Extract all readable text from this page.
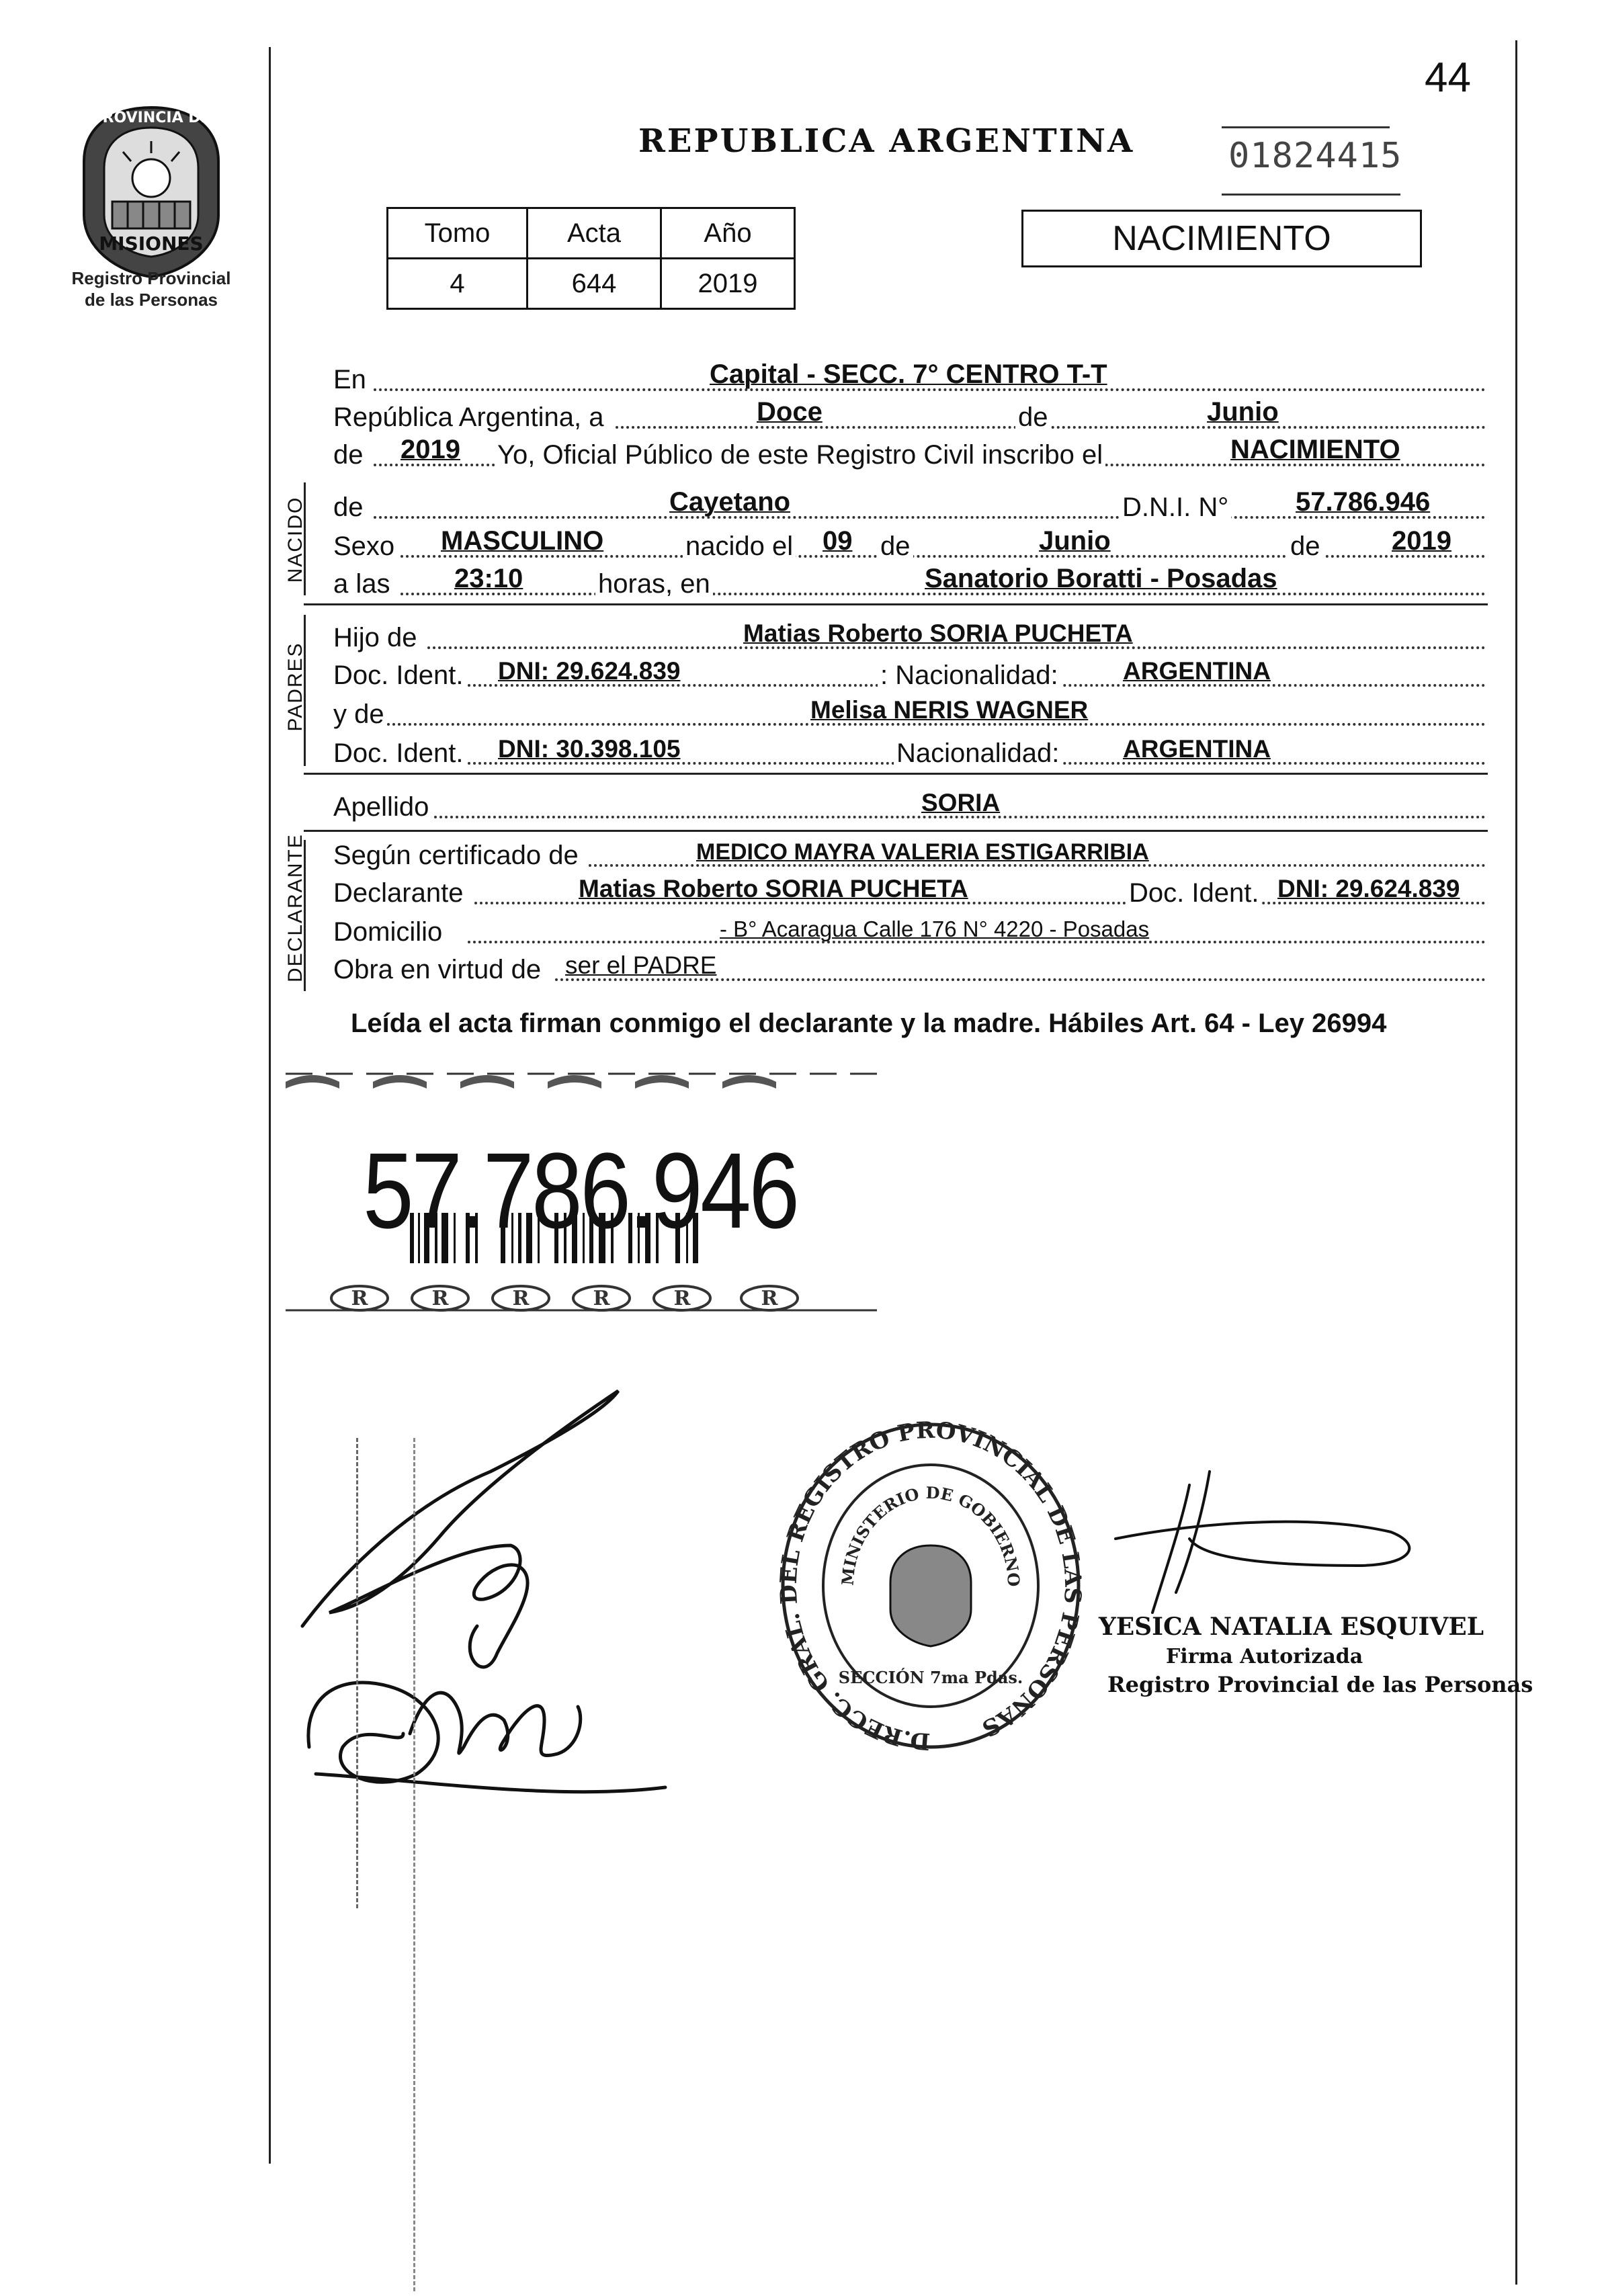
PROVINCIA DE
MISIONES
Registro Provincial
de las Personas
44
REPUBLICA ARGENTINA	01824415
Tomo	Acta	Año
4	644	2019
NACIMIENTO
En	Capital - SECC. 7° CENTRO T-T
República Argentina, a	Doce	de	Junio
de 2019 Yo, Oficial Público de este Registro Civil inscribo el	NACIMIENTO
NACIDO de	Cayetano	D.N.I. N° 57.786.946
Sexo MASCULINO	nacido el 09 de	Junio	de	2019
a las 23:10	horas, en	Sanatorio Boratti - Posadas
PADRES
Hijo de	Matias Roberto SORIA PUCHETA
Doc. Ident. DNI: 29.624.839	: Nacionalidad:	ARGENTINA
y de	Melisa NERIS WAGNER
Doc. Ident. DNI: 30.398.105	Nacionalidad:	ARGENTINA
Apellido	SORIA
DECLARANTE Según certificado de	MEDICO MAYRA VALERIA ESTIGARRIBIA
Declarante	Matias Roberto SORIA PUCHETA	Doc. Ident. DNI: 29.624.839
Domicilio	- B° Acaragua Calle 176 N° 4220 - Posadas
Obra en virtud de ser el PADRE
Leída el acta firman conmigo el declarante y la madre. Hábiles Art. 64 - Ley 26994
R	R	R	R	R	R
57.786.946
D.RECC. GRAL. DEL REGISTRO PROVINCIAL DE LAS PERSONAS
MINISTERIO DE GOBIERNO
SECCIÓN 7ma Pdas.
YESICA NATALIA ESQUIVEL
Firma Autorizada
Registro Provincial de las Personas
